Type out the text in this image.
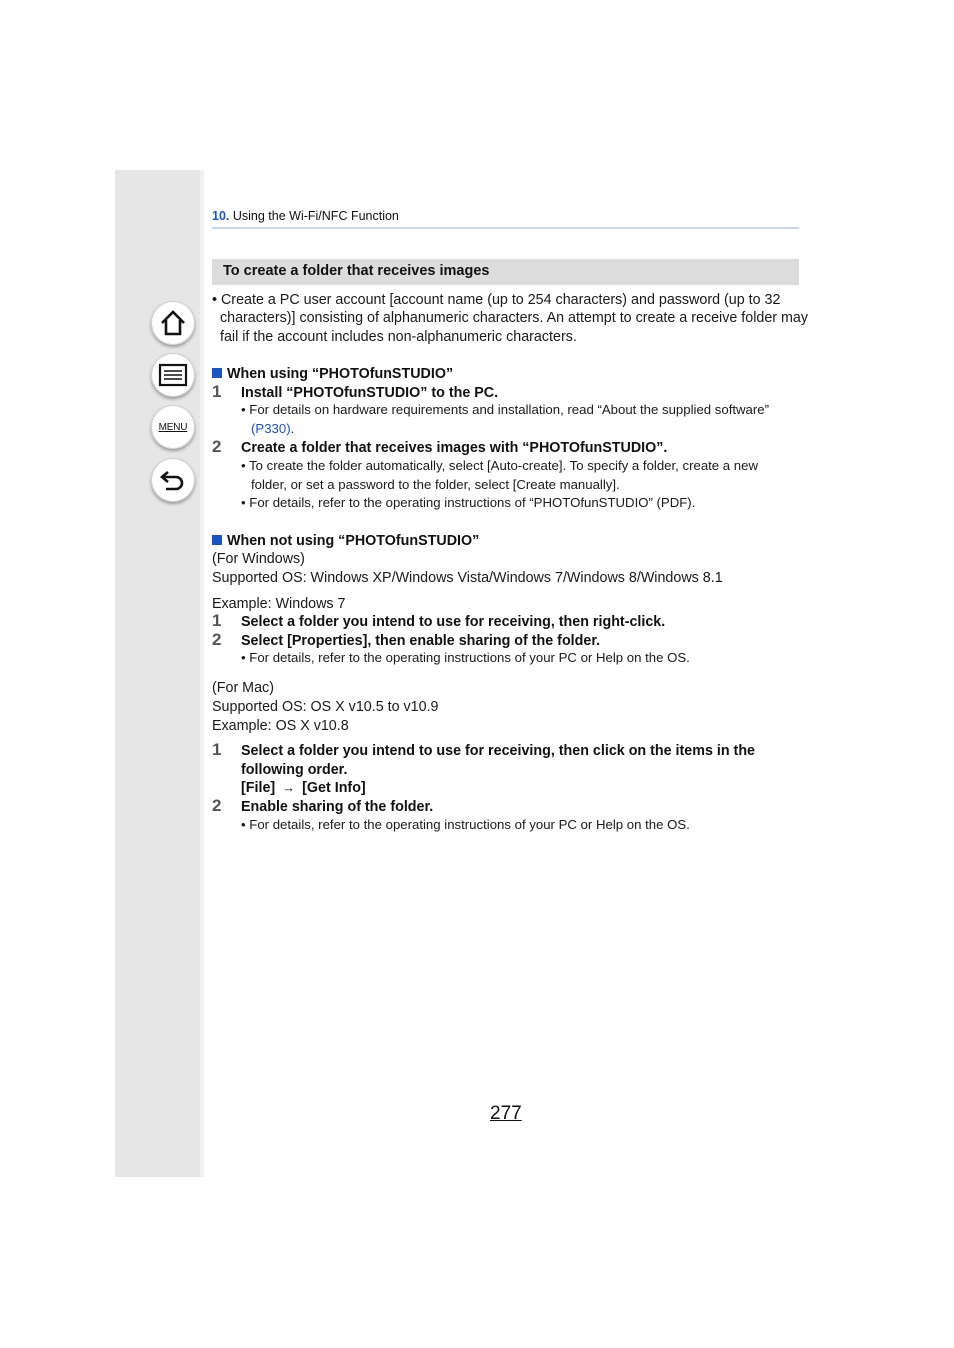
MENU
10. Using the Wi-Fi/NFC Function
To create a folder that receives images
• Create a PC user account [account name (up to 254 characters) and password (up to 32
characters)] consisting of alphanumeric characters. An attempt to create a receive folder may
fail if the account includes non-alphanumeric characters.
When using “PHOTOfunSTUDIO”
1 Install “PHOTOfunSTUDIO” to the PC.
• For details on hardware requirements and installation, read “About the supplied software”
(P330).
2 Create a folder that receives images with “PHOTOfunSTUDIO”.
• To create the folder automatically, select [Auto-create]. To specify a folder, create a new
folder, or set a password to the folder, select [Create manually].
• For details, refer to the operating instructions of “PHOTOfunSTUDIO” (PDF).
When not using “PHOTOfunSTUDIO”
(For Windows)
Supported OS: Windows XP/Windows Vista/Windows 7/Windows 8/Windows 8.1
Example: Windows 7
1 Select a folder you intend to use for receiving, then right-click.
2 Select [Properties], then enable sharing of the folder.
• For details, refer to the operating instructions of your PC or Help on the OS.
(For Mac)
Supported OS: OS X v10.5 to v10.9
Example: OS X v10.8
1 Select a folder you intend to use for receiving, then click on the items in the
following order.
[File] → [Get Info]
2 Enable sharing of the folder.
• For details, refer to the operating instructions of your PC or Help on the OS.
277
